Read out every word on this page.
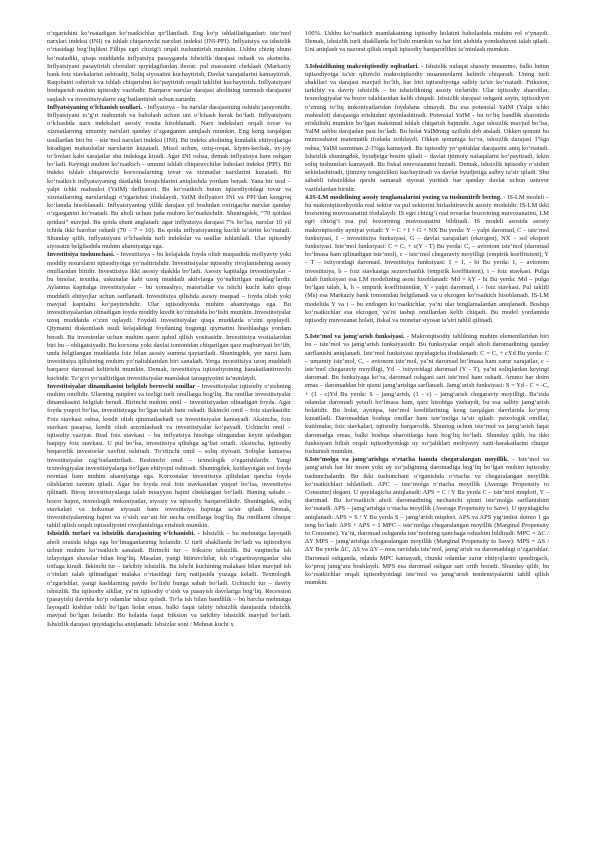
o‘zgarishini ko‘rsatadigan ko‘rsatkichlar qo‘llaniladi. Eng ko‘p ishlatiladiganlari: iste’mol narxlari indeksi (INI) va ishlab chiqaruvchi narxlari indeksi (INI-PPI). Inflyatsiya va ishsizlik o‘rtasidagi bog‘liqlikni Fillips egri chizig‘i orqali tushuntirish mumkin. Ushbu chiziq shuni ko‘rsatadiki, qisqa muddatda inflyatsiya pasayganda ishsizlik darajasi oshadi va aksincha. Inflyatsiyani pasaytirish choralari quyidagilardan iborat: pul massasini cheklash (Markaziy bank foiz stavkalarini oshiradi), Soliq siyosatini kuchaytirish, Davlat xarajatlarini kamaytirish, Raqobatni oshirish va ishlab chiqarishni ko‘paytirish orqali taklifni kuchaytirish. Inflyatsiyani boshqarish muhim iqtisodiy vazifadir. Barqaror narxlar darajasi aholining turmush darajasini saqlash va investitsiyalarni rag‘batlantirish uchun zarurdir.

Inflyatsiyaning o‘lchanish usullari. - Inflyatsiya – bu narxlar darajasining oshishi jarayonidir. Inflyatsiyani to‘g‘ri tushunish va baholash uchun uni o‘lchash kerak bo‘ladi. Inflyatsiyani o‘lchashda narx indekslari asosiy vosita hisoblanadi. Narx indekslari orqali tovar va xizmatlarning umumiy narxlari qanday o‘zgarganini aniqlash mumkin. Eng keng tarqalgan usullardan biri bu – iste’mol narxlari indeksi (INI). Bu indeks aholining kundalik ehtiyojlariga kiradigan mahsulotlar narxlarini kuzatadi. Misol uchun, oziq-ovqat, kiyim-kechak, uy-joy to‘lovlari kabi xarajatlar shu indeksga kiradi. Agar INI oshsa, demak inflyatsiya ham oshgan bo‘ladi. Keyingi muhim ko‘rsatkich – umumi ishlab chiqaruvchilar baholari indeksi (PPI). Bu indeks ishlab chiqaruvchi korxonalarning tovar va xizmatlar narxlarini kuzatadi. Bu ko‘rsatkich inflyatsiyaning dastlabki bosqichlarini aniqlashda yordam beradi. Yana bir usul – yalpi ichki mahsulot (YaIM) deflyatori. Bu ko‘rsatkich butun iqtisodiyotdagi tovar va xizmatlarning narxlaridagi o‘zgarishni ifodalaydi. YaIM deflyatori INI va PPI’dan kengroq ko‘lamda hisoblanadi. Inflyatsiyaning yillik darajasi yil boshidan oxirigacha narxlar qanday o‘zgarganini ko‘rsatadi. Bu aholi uchun juda muhim ko‘rsatkichdir. Shuningdek, “70 qoidasi qoidasi” mavjud. Bu qoida shuni anglatadi: agar inflyatsiya darajasi 7% bo‘lsa, narxlar 10 yil ichida ikki barobar oshadi (70 ÷ 7 = 10). Bu qoida inflyatsiyaning kuchli ta’sirini ko‘rsatadi. Shunday qilib, inflyatsiyani o‘lchashda turli indekslar va usullar ishlatiladi. Ular iqtisodiy siyosatni belgilashda muhim ahamiyatga ega.

Investitsiya tushunchasi. - Investitsiya – bu kelajakda foyda olish maqsadida moliyaviy yoki moddiy resurslarni iqtisodiyotga yo‘naltirishdir. Investitsiyalar iqtisodiy rivojlanishning asosiy omillaridan biridir. Investitsiya ikki asosiy shaklda bo‘ladi. Asosiy kapitalga investitsiyalar – bu binolar, texnika, uskunalar kabi uzoq muddatli aktivlarga yo‘naltirilgan mablag‘lardir. Aylanma kapitalga investitsiyalar – bu xomashyo, materiallar va ishchi kuchi kabi qisqa muddatli ehtiyojlar uchun sarflanadi. Investitsiya qilishda asosiy maqsad – foyda olish yoki mavjud kapitalni ko‘paytirishdir. Ular iqtisodiyotda muhim ahamiyatga ega. Bu investitsiyalardan olinadigan foyda moddiy kredit ko‘rinishida bo‘lishi mumkin. Investitsiyalar uzoq muddatda o‘zini oqlaydi. Foydali investitsiyalar qisqa muddatda o‘zini qoplaydi. Qiymatni diskontlash usuli kelajakdagi foydaning bugungi qiymatini hisoblashga yordam beradi. Bu investorlar uchun muhim qaror qabul qilish vositasidir. Investitsiya vositalaridan biri bu – obligatsiyadir. Bu korxona yoki davlat tomonidan chiqarilgan qarz majburiyati bo‘lib, unda belgilangan muddatda foiz bilan asosiy summa qaytariladi. Shuningdek, yer narxi ham investitsiya qilishning muhim yo‘nalishlaridan biri sanaladi. Yerga investitsiya uzoq muddatli barqaror daromad keltirishi mumkin. Demak, investitsiya iqtisodiyotning harakatlantiruvchi kuchidir. To‘g‘ri yo‘naltirilgan investitsiyalar mamlakat taraqqiyotini ta’minlaydi.

Investitsiyalar dinamikasini belgilab beruvchi omillar - Investitsiyalar iqtisodiy o‘sishning muhim omilidir. Ularning miqdori va tezligi turli omillarga bog‘liq. Bu omillar investitsiyalar dinamikasini belgilab beradi. Birinchi muhim omil – investitsiyadan olinadigan foyda. Agar foyda yuqori bo‘lsa, investitsiyaga bo‘lgan talab ham oshadi. Ikkinchi omil – foiz stavkasidir. Foiz stavkasi oshsa, kredit olish qimmatlashadi va investitsiyalar kamayadi. Aksincha, foiz stavkasi pasaysa, kredit olish arzonlashadi va investitsiyalar ko‘payadi. Uchinchi omil – iqtisodiy vaziyat. Real foiz stavkasi – bu inflyatsiya hisobga olingandan keyin qoladigan haqiqiy foiz stavkasi. U pul bo‘lsa, investitsiya qilishga ag‘bat ortadi. Aksincha, Iqtisodiy beqarorlik investorlar xavfini oshiradi. To‘rtinchi omil – soliq siyosati. Soliqlar kamaysa investitsiyalar rag‘batlantiriladi. Beshinchi omil – texnologik o‘zgarishlardir. Yangi texnologiyalar investitsiyalarga bo‘lgan ehtiyojni oshiradi. Shuningdek, kutilayotgan sof foyda normasi ham muhim ahamiyatga ega. Korxonalar investitsiya qilishdan qancha foyda olishlarini taxmin qiladi. Agar bu foyda real foiz stavkasidan yuqori bo‘lsa, investitsiya qilinadi. Biroq investitsiyalarga talab muayyan hajmi cheklangan bo‘ladi. Buning sababi – bozor hajmi, texnologik imkoniyatlar, siyosiy va iqtisodiy barqarorlikdir. Shuningdek, soliq stavkalari va hukumat siyosati ham investitsiya hajmiga ta’sir qiladi. Demak, investitsiyalarning hajmi va o‘sish sur’ati bir necha omillarga bog‘liq. Bu omillarni chuqur tahlil qilish orqali iqtisodiyotni rivojlanishiga erishish mumkin.

Ishsizlik turlari va ishsizlik darajasining o‘lchanishi. - Ishsizlik – bu mehnatga layoqatli aholi orasida ishga ega bo‘lmaganlarning holatidir. U turli shakllarda bo‘ladi va iqtisodiyot uchun muhim ko‘rsatkich sanaladi. Birinchi tur – friksion ishsizlik. Bu vaqtincha ish izlayotgan shaxslar bilan bog‘liq. Masalan, yangi bitiruvchilar, ish o‘zgartirayotganlar shu toifaga kiradi. Ikkinchi tur – tarkibiy ishsizlik. Bu ishchi kuchining malakasi bilan mavjud ish o‘rinlari talab qilinadigan malaka o‘rtasidagi farq natijasida yuzaga keladi. Texnologik o‘zgarishlar, yangi kasblarning paydo bo‘lishi bunga sabab bo‘ladi. Uchinchi tur – davriy ishsizlik. Bu iqtisodiy sikllar, ya’ni iqtisodiy o‘sish va pasayish davrlariga bog‘liq. Recession (pasayish) davrida ko‘p odamlar ishsiz qoladi. To‘la ish bilan bandlilik – bu barcha mehnatga layoqatli kishilar ishli bo‘lgan holat emas, balki faqat tabiiy ishsizlik darajasida ishsizlik mavjud bo‘lgan holatdir. Bu holatda faqat friksion va tarkibiy ishsizlik mavjud bo‘ladi. Ishsizlik darajasi quyidagicha aniqlanadi: Ishsizlar soni / Mehnat kuchi x

100%. Ushbu ko‘rsatkich mamlakatning iqtisodiy holatini baholashda muhim rol o‘ynaydi. Demak, ishsizlik turli shakllarda bo‘lishi mumkin va har biri alohida yondashuvni talab qiladi. Uni aniqlash va nazorat qilish orqali iqtisodiy barqarorlikni ta’minlash mumkin.

3.Ishsizlikning makroiqtisodiy oqibatlari. - Ishsizlik nafaqat shaxsiy muammo, balki butun iqtisodiyotga ta’sir qiluvchi makroiqtisodiy muammolarni keltirib chiqaradi. Uning turli shakllari va darajasi mavjud bo‘lib, har biri iqtisodiyotga salbiy ta’sir ko‘rsatadi. Friksion, tarkibiy va davriy ishsizlik – bu ishsizlikning asosiy turlaridir. Ular iqtisodiy sharoitlar, texnologiyalar va bozor talablaridan kelib chiqadi. Ishsizlik darajasi oshgani sayin, iqtisodiyot o‘zining to‘liq imkoniyatlaridan foydalana olmaydi. Bu esa potensial YaIM (Yalpi ichki mahsulot) darajasiga erishishni qiyinlashtiradi. Potensial YaIM - bu to‘liq bandlik sharoitida erishilishi mumkin bo‘lgan maksimal ishlab chiqarish hajmidir. Agar ishsizlik mavjud bo‘lsa, YaIM ushbu darajadan past bo‘ladi. Bu holat YaIMning uzilishi deb ataladi. Okken qonuni bu munosabatni matematik ifodada izohlaydi. Okken qonuniga ko‘ra, ishsizlik darajasi 1%ga oshsa, YaIM taxminan 2-3%ga kamayadi. Bu iqtisodiy yo‘qotishlar darajasini aniq ko‘rsatadi. Ishsizlik shuningdek, byudjetga bosim qiladi – davlat ijtimoiy nafaqalarni ko‘paytiradi, lekin soliq tushumlari kamayadi. Bu fiskal muvozanatni buzadi. Demak, ishsizlik iqtisodiy o‘sishni sekinlashtiradi, ijtimoiy tengsizlikni kuchaytiradi va davlat byudjetiga salbiy ta’sir qiladi. Shu sababli ishsizlikka qarshi samarali siyosat yuritish har qanday davlat uchun ustuvor vazifalardan biridir.

4.IS-LM modelining asosiy tenglamalarini yozing va tushuntirib bering. - IS-LM modeli – bu makroiqtisodiyotda real sektor va pul sektorini birlashtiruvchi asosiy modeldir. IS-LM ikki bozorning muvozanatini ifodalaydi: IS egri chizig‘i real tovarlar bozorining muvozanatini, LM egri chizig‘i esa pul bozorining muvozanatini bildiradi. IS modeli asosida asosiy makroiqtisodiy ayniyat yotadi: Y = C + I + G + NX Bu yerda: Y – yalpi daromad, C – iste’mol funksiyasi, I – investitsiya funksiyasi, G – davlat xarajatlari (ekzogen), NX – sof eksport funksiyasi. Iste’mol funksiyasi: C = Cₐ + c(Y - T) Bu yerda: Cₐ – avtonom iste’mol (daromad bo‘lmasa ham qilinadigan iste’mol), c – iste’mol chegaraviy moyilligi (empirik koeffitsient), Y - T – ixtiyoridagi daromad. Investitsiya funksiyasi: I = Iₐ - bi Bu yerda: Iₐ – avtonom investitsiya, b – foiz stavkasiga sezuvchanlik (empirik koeffitsient), i – foiz stavkasi. Pulga talab funksiyasi esa LM modelining asosi hisoblanadi: Md = kY - hi Bu yerda: Md – pulga bo‘lgan talab, k, h – empirik koeffitsientlar, Y - yalpi daromad, i - foiz stavkasi. Pul taklifi (Ms) esa Markaziy bank tomonidan belgilanadi va u ekzogen ko‘rsatkich hisoblanadi. IS-LM modelida Y va i – bu endogen ko‘rsatkichlar, ya’ni ular tenglamalardan aniqlanadi. Boshqa ko‘rsatkichlar esa ekzogen, ya’ni tashqi omillardan kelib chiqadi. Bu model yordamida iqtisodiy muvozanat holati, fiskal va monetar siyosat ta’siri tahlil qilinadi.

5.Iste’mol va jamg‘arish funksiyasi. - Makroiqtisodiy tahlilning muhim elementlaridan biri bu – iste’mol va jamg‘arish funksiyasidir. Bu funksiyalar orqali aholi daromadining qanday sarflanishi aniqlanadi. Iste’mol funksiyasi quyidagicha ifodalanadi: C = Cₐ + cYd Bu yerda: C – umumiy iste’mol, Cₐ – avtonom iste’mol, ya’ni daromad bo‘lmasa ham zarur xarajatlar, c – iste’mol chegaraviy moyilligi, Yd – ixtiyoridagi daromad (Y - T), ya’ni soliqlardan keyingi daromad. Bu funksiyaga ko‘ra, daromad oshgani sari iste’mol ham oshadi. Ammo har doim emas – daromaddan bir qismi jamg‘arishga sarflanadi. Jamg‘arish funksiyasi: S = Yd - C = -Cₐ + (1 - c)Yd Bu yerda: S – jamg‘arish, (1 - c) – jamg‘arish chegaraviy moyilligi. Ba’zida odamlar daromadi yetarli bo‘lmasa ham, qarz hisobiga yashaydi, bu esa salbiy jamg‘arish holatidir. Bu holat, ayniqsa, iste’mol kreditlarining keng tarqalgan davrlarida ko‘proq kuzatiladi. Daromaddan boshqa omillar ham iste’molga ta’sir qiladi: psixologik omillar, kutilmalar, foiz stavkalari, iqtisodiy barqarorlik. Shuning uchun iste’mol va jamg‘arish faqat daromadga emas, balki boshqa sharoitlarga ham bog‘liq bo‘ladi. Shunday qilib, bu ikki funksiyani bilish orqali iqtisodiyotdagi uy xo‘jaliklari moliyaviy xatti-harakatlarini chuqur tushunish mumkin.

6.Iste’molga va jamg‘arishga o‘rtacha hamda chegaralangan moyillik. - Iste’mol va jamg‘arish har bir inson yoki uy xo‘jaligining daromadiga bog‘liq bo‘lgan muhim iqtisodiy tushunchalardir. Bu ikki tushunchani o‘rganishda o‘rtacha va chegaralangan moyillik ko‘rsatkichlari ishlatiladi. APC – iste’molga o‘rtacha moyillik (Average Propensity to Consume) degani. U quyidagicha aniqlanadi: APS = C / Y Bu yerda C – iste’mol miqdori, Y – daromad. Bu ko‘rsatkich aholi daromadining nechanchi qismi iste’molga sarflanishini ko‘rsatadi. APS – jamg‘arishga o‘rtacha moyillik (Average Propensity to Save). U quyidagicha aniqlanadi: APS = S / Y Bu yerda S – jamg‘arish miqdori. APS va APS yig‘indisi doimo 1 ga teng bo‘ladi: APS + APS = 1 MPC – iste’molga chegaralangan moyillik (Marginal Propensity to Consume). Ya’ni, daromad oshganda iste’molning qanchaga oshishini bildiradi: MPC = ΔC / ΔY MPS – jamg‘arishga chegaralangan moyillik (Marginal Propensity to Save): MPS = ΔS / ΔY Bu yerda ΔC, ΔS va ΔY – mos ravishda iste’mol, jamg‘arish va daromaddagi o‘zgarishlar. Daromad oshganda, odatda MPC kamayadi, chunki odamlar zarur ehtiyojlarini qondirgach, ko‘proq jamg‘ara boshlaydi. MPS esa daromad oshgan sari ortib boradi. Shunday qilib, bu ko‘rsatkichlar orqali iqtisodiyotdagi iste’mol va jamg‘arish tendensiyalarini tahlil qilish mumkin.
